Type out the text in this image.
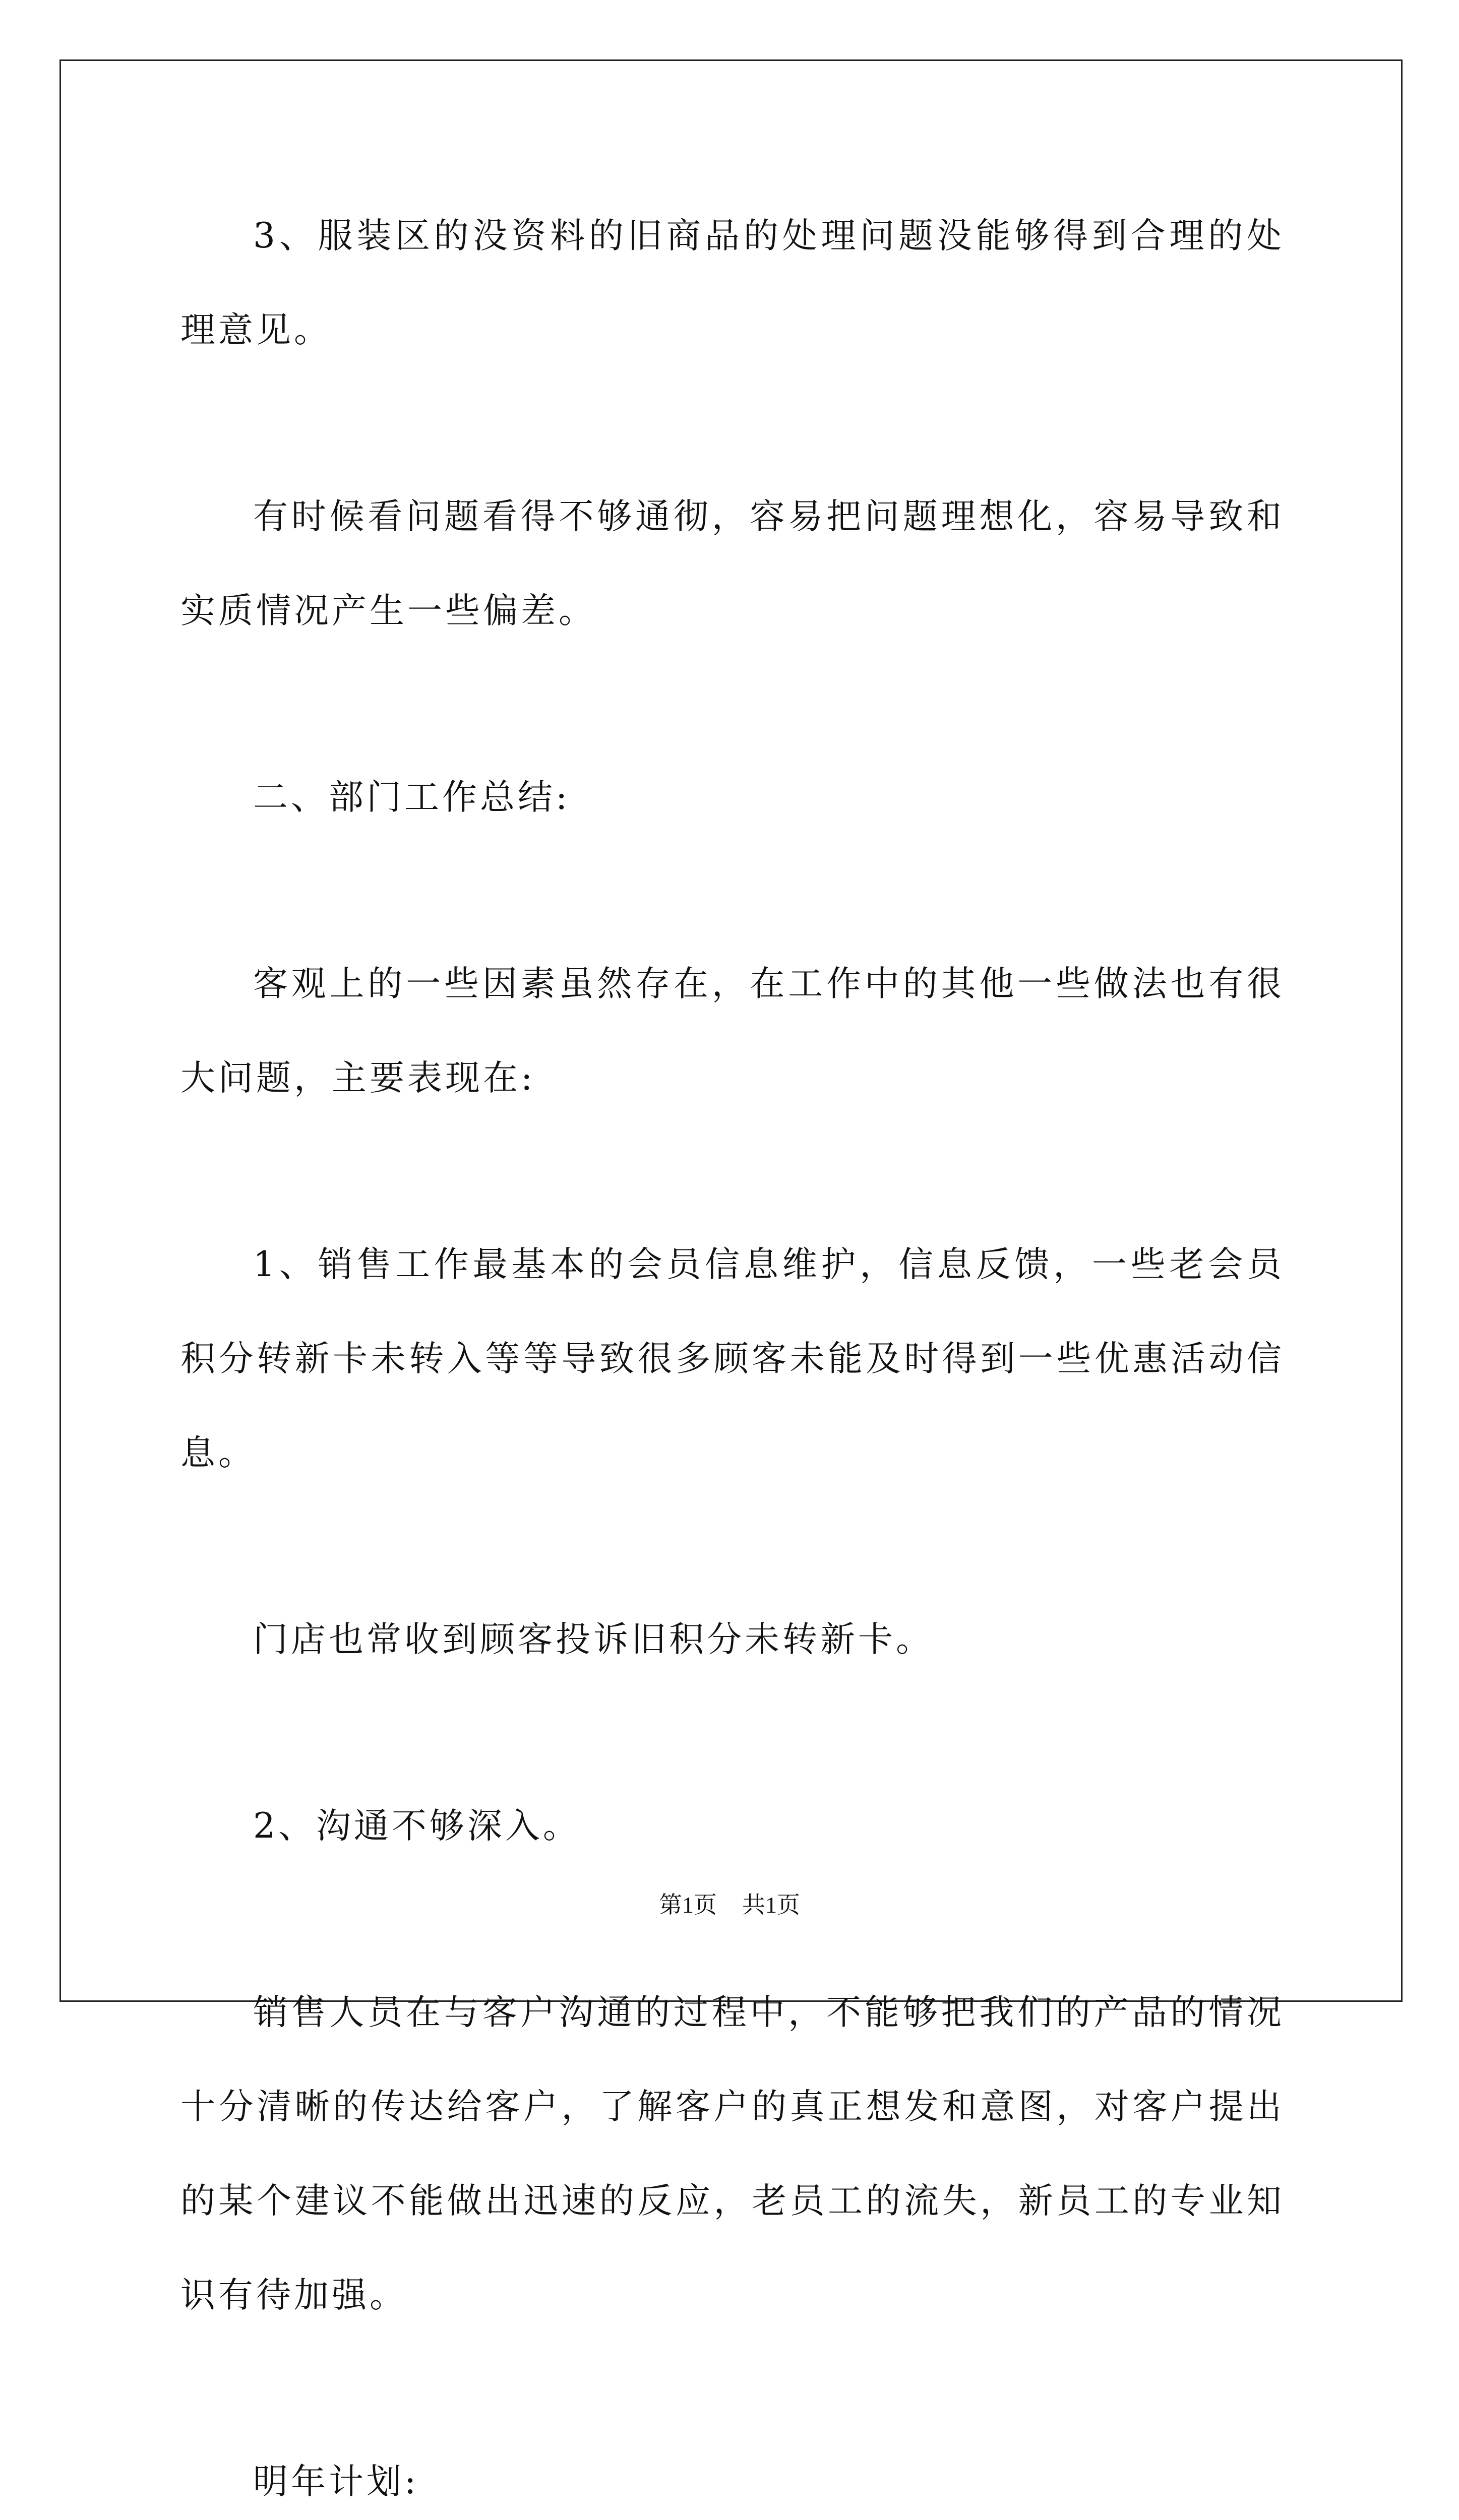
3、服装区的没资料的旧商品的处理问题没能够得到合理的处理意见。

有时候看问题看得不够通彻，容易把问题理想化，容易导致和实质情况产生一些偏差。

二、部门工作总结:

客观上的一些因素虽然存在，在工作中的其他一些做法也有很大问题，主要表现在:

1、销售工作最基本的会员信息维护，信息反馈，一些老会员积分转新卡未转入等等导致很多顾客未能及时得到一些优惠活动信息。

门店也常收到顾客投诉旧积分未转新卡。

2、沟通不够深入。

销售人员在与客户沟通的过程中，不能够把我们的产品的情况十分清晰的传达给客户，了解客户的真正想发和意图，对客户提出的某个建议不能做出迅速的反应，老员工的流失，新员工的专业知识有待加强。

明年计划:

第1页 共1页
